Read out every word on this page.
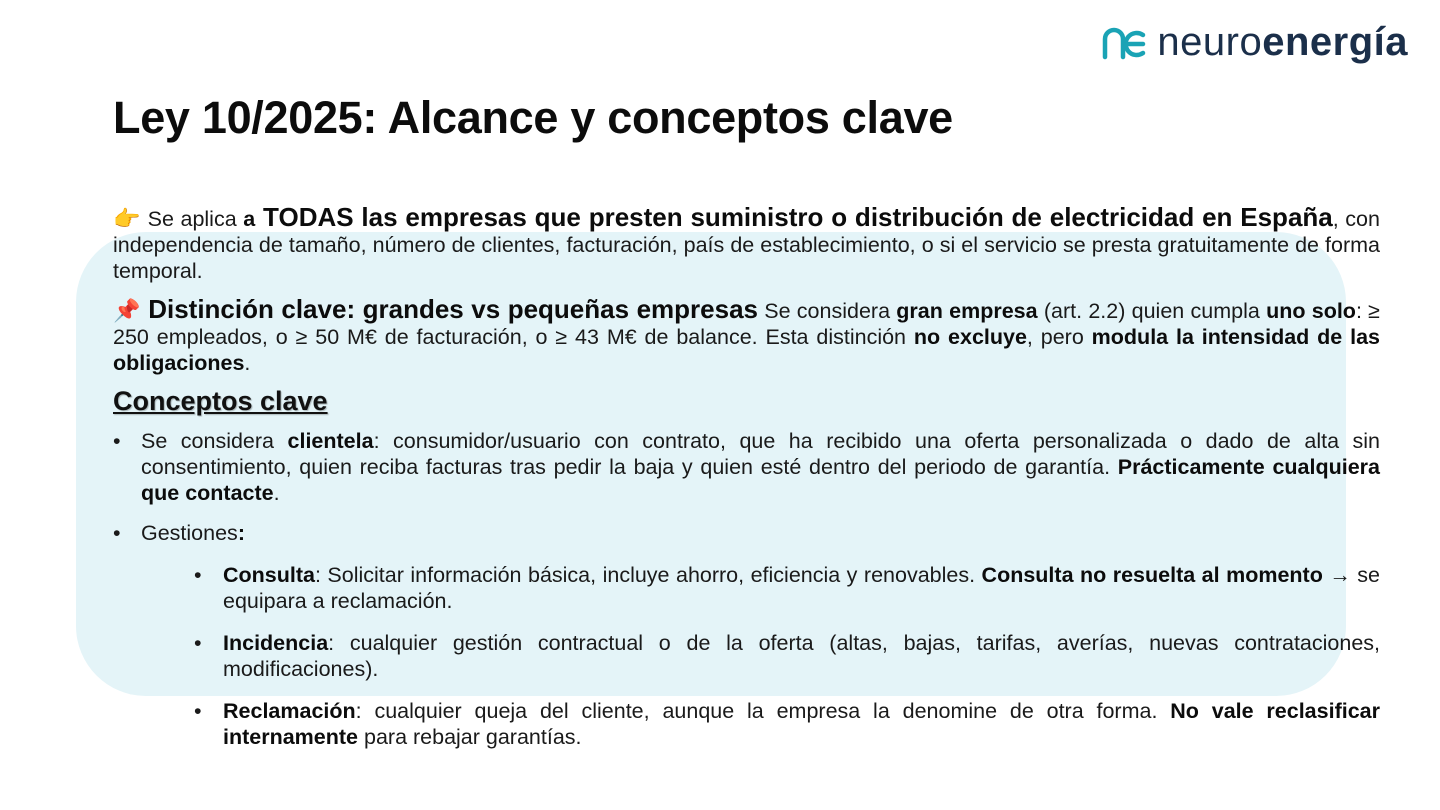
neuroenergía
Ley 10/2025: Alcance y conceptos clave

👉 Se aplica a TODAS las empresas que presten suministro o distribución de electricidad en España, con independencia de tamaño, número de clientes, facturación, país de establecimiento, o si el servicio se presta gratuitamente de forma temporal.

📌 Distinción clave: grandes vs pequeñas empresas Se considera gran empresa (art. 2.2) quien cumpla uno solo: ≥ 250 empleados, o ≥ 50 M€ de facturación, o ≥ 43 M€ de balance. Esta distinción no excluye, pero modula la intensidad de las obligaciones.

Conceptos clave
• Se considera clientela: consumidor/usuario con contrato, que ha recibido una oferta personalizada o dado de alta sin consentimiento, quien reciba facturas tras pedir la baja y quien esté dentro del periodo de garantía. Prácticamente cualquiera que contacte.
• Gestiones:
• Consulta: Solicitar información básica, incluye ahorro, eficiencia y renovables. Consulta no resuelta al momento → se equipara a reclamación.
• Incidencia: cualquier gestión contractual o de la oferta (altas, bajas, tarifas, averías, nuevas contrataciones, modificaciones).
• Reclamación: cualquier queja del cliente, aunque la empresa la denomine de otra forma. No vale reclasificar internamente para rebajar garantías.
